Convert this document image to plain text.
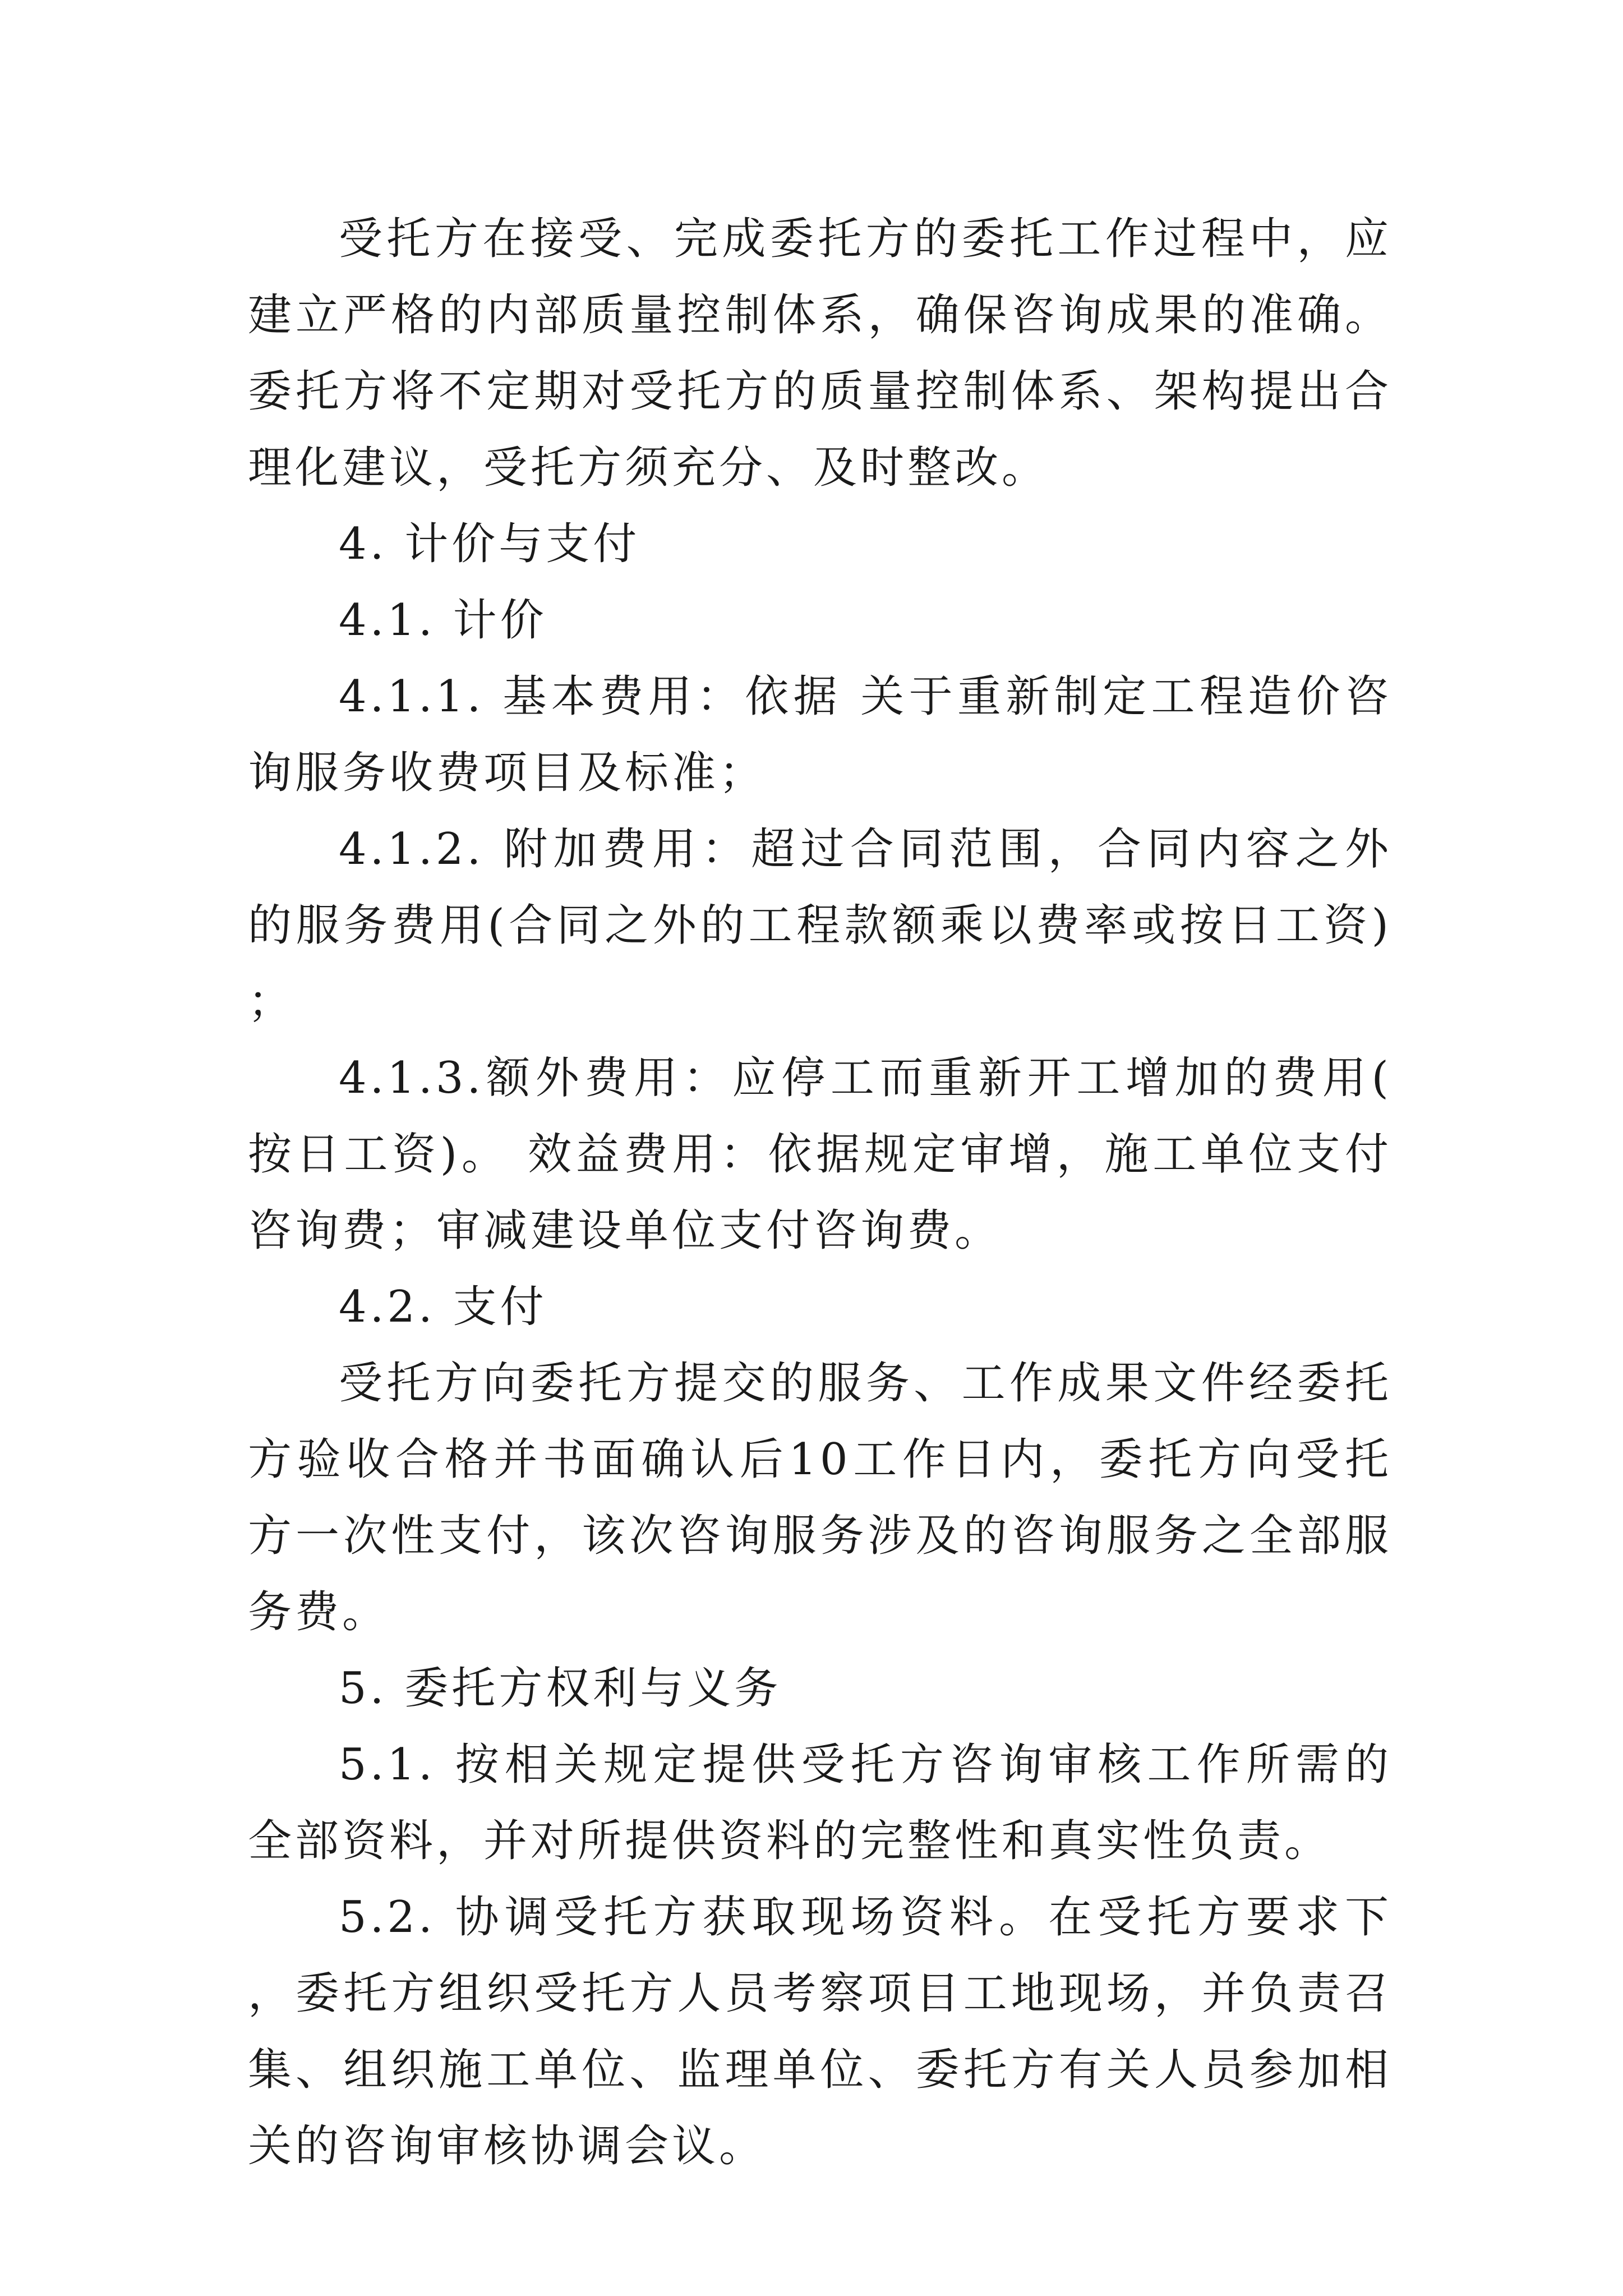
受托方在接受、完成委托方的委托工作过程中，应建立严格的内部质量控制体系，确保咨询成果的准确。委托方将不定期对受托方的质量控制体系、架构提出合理化建议，受托方须充分、及时整改。

4. 计价与支付

4.1. 计价

4.1.1. 基本费用：依据 关于重新制定工程造价咨询服务收费项目及标准；

4.1.2. 附加费用：超过合同范围，合同内容之外的服务费用(合同之外的工程款额乘以费率或按日工资)；

4.1.3.额外费用：应停工而重新开工增加的费用(按日工资)。 效益费用：依据规定审增，施工单位支付咨询费；审减建设单位支付咨询费。

4.2. 支付

受托方向委托方提交的服务、工作成果文件经委托方验收合格并书面确认后10工作日内，委托方向受托方一次性支付，该次咨询服务涉及的咨询服务之全部服务费。

5. 委托方权利与义务

5.1. 按相关规定提供受托方咨询审核工作所需的全部资料，并对所提供资料的完整性和真实性负责。

5.2. 协调受托方获取现场资料。在受托方要求下，委托方组织受托方人员考察项目工地现场，并负责召集、组织施工单位、监理单位、委托方有关人员参加相关的咨询审核协调会议。
